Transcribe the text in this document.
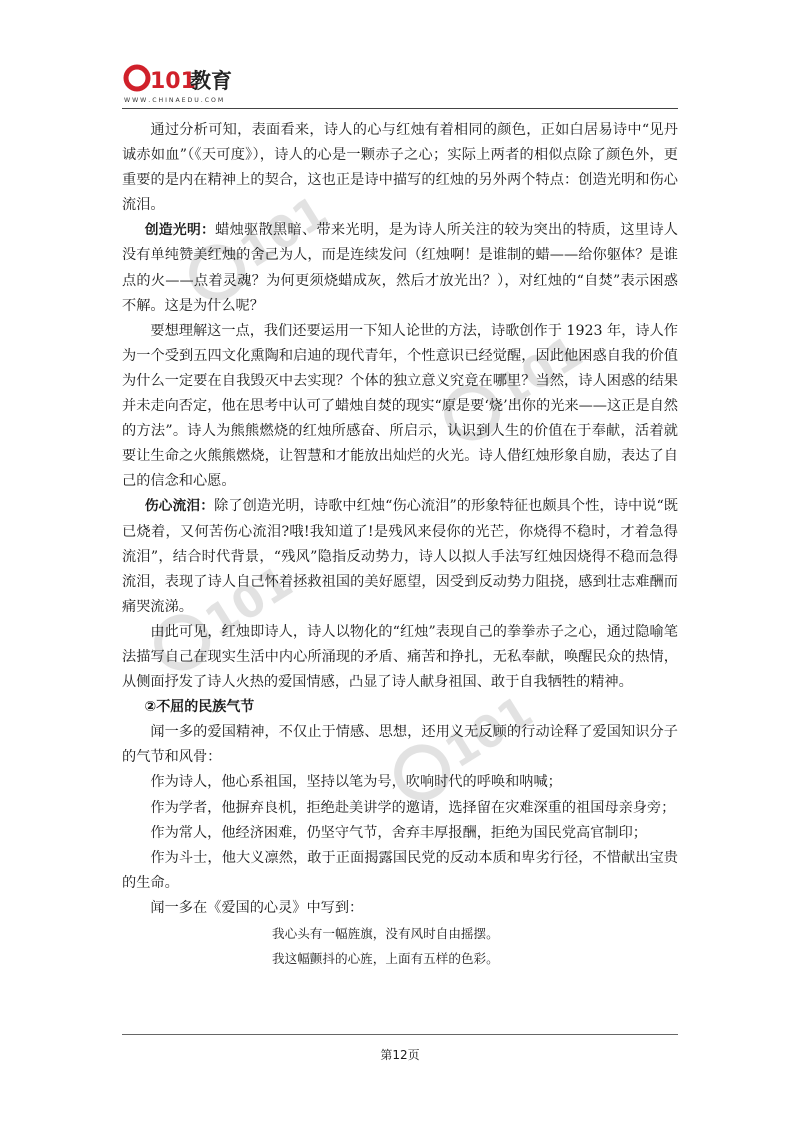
101
101
101
101
101
教育
W W W . C H I N A E D U . C O M

通过分析可知，表面看来，诗人的心与红烛有着相同的颜色，正如白居易诗中“见丹诚赤如血”（《天可度》），诗人的心是一颗赤子之心；实际上两者的相似点除了颜色外，更重要的是内在精神上的契合，这也正是诗中描写的红烛的另外两个特点：创造光明和伤心流泪。

创造光明：蜡烛驱散黑暗、带来光明，是为诗人所关注的较为突出的特质，这里诗人没有单纯赞美红烛的舍己为人，而是连续发问（红烛啊！是谁制的蜡——给你躯体？是谁点的火——点着灵魂？为何更须烧蜡成灰，然后才放光出？），对红烛的“自焚”表示困惑不解。这是为什么呢？

要想理解这一点，我们还要运用一下知人论世的方法，诗歌创作于 1923 年，诗人作为一个受到五四文化熏陶和启迪的现代青年，个性意识已经觉醒，因此他困惑自我的价值为什么一定要在自我毁灭中去实现？个体的独立意义究竟在哪里？当然，诗人困惑的结果并未走向否定，他在思考中认可了蜡烛自焚的现实“原是要‘烧’出你的光来——这正是自然的方法”。诗人为熊熊燃烧的红烛所感奋、所启示，认识到人生的价值在于奉献，活着就要让生命之火熊熊燃烧，让智慧和才能放出灿烂的火光。诗人借红烛形象自励，表达了自己的信念和心愿。

伤心流泪：除了创造光明，诗歌中红烛“伤心流泪”的形象特征也颇具个性，诗中说“既已烧着，又何苦伤心流泪?哦!我知道了!是残风来侵你的光芒，你烧得不稳时，才着急得流泪”，结合时代背景，“残风”隐指反动势力，诗人以拟人手法写红烛因烧得不稳而急得流泪，表现了诗人自己怀着拯救祖国的美好愿望，因受到反动势力阻挠，感到壮志难酬而痛哭流涕。

由此可见，红烛即诗人，诗人以物化的“红烛”表现自己的拳拳赤子之心，通过隐喻笔法描写自己在现实生活中内心所涌现的矛盾、痛苦和挣扎，无私奉献，唤醒民众的热情，从侧面抒发了诗人火热的爱国情感，凸显了诗人献身祖国、敢于自我牺牲的精神。

②不屈的民族气节

闻一多的爱国精神，不仅止于情感、思想，还用义无反顾的行动诠释了爱国知识分子的气节和风骨：

作为诗人，他心系祖国，坚持以笔为号，吹响时代的呼唤和呐喊；

作为学者，他摒弃良机，拒绝赴美讲学的邀请，选择留在灾难深重的祖国母亲身旁；

作为常人，他经济困难，仍坚守气节，舍弃丰厚报酬，拒绝为国民党高官制印；

作为斗士，他大义凛然，敢于正面揭露国民党的反动本质和卑劣行径，不惜献出宝贵的生命。

闻一多在《爱国的心灵》中写到：

我心头有一幅旌旗，没有风时自由摇摆。

我这幅颤抖的心旌，上面有五样的色彩。

第12页
